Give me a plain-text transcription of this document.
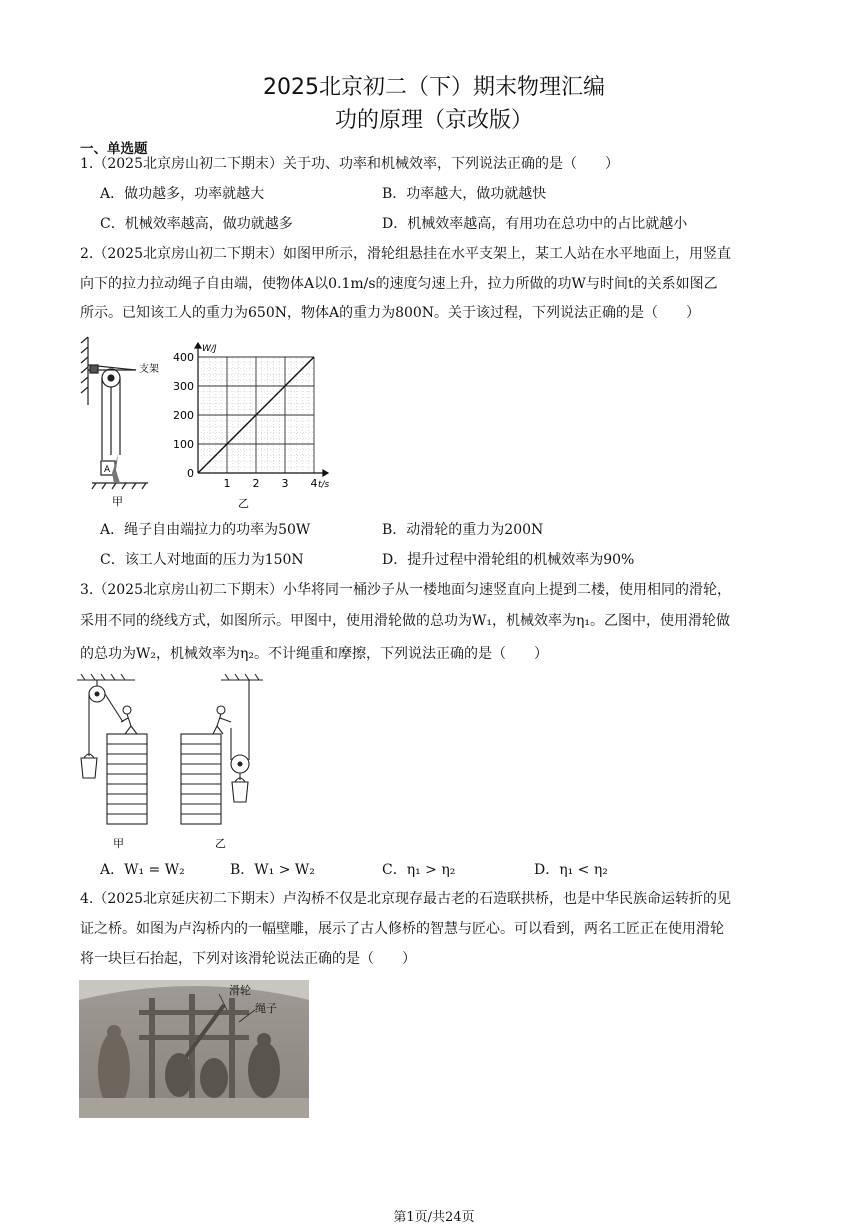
2025北京初二（下）期末物理汇编
功的原理（京改版）
一、单选题
1.（2025北京房山初二下期末）关于功、功率和机械效率，下列说法正确的是（　　）
A．做功越多，功率就越大	B．功率越大，做功就越快
C．机械效率越高，做功就越多	D．机械效率越高，有用功在总功中的占比就越小
2.（2025北京房山初二下期末）如图甲所示，滑轮组悬挂在水平支架上，某工人站在水平地面上，用竖直
向下的拉力拉动绳子自由端，使物体A以0.1m/s的速度匀速上升，拉力所做的功W与时间t的关系如图乙
所示。已知该工人的重力为650N，物体A的重力为800N。关于该过程，下列说法正确的是（　　）
支架
A
甲
0
100
200
300
400
1 2 3 4
W/J
t/s
乙
A．绳子自由端拉力的功率为50W	B．动滑轮的重力为200N
C．该工人对地面的压力为150N	D．提升过程中滑轮组的机械效率为90%
3.（2025北京房山初二下期末）小华将同一桶沙子从一楼地面匀速竖直向上提到二楼，使用相同的滑轮，
采用不同的绕线方式，如图所示。甲图中，使用滑轮做的总功为W₁，机械效率为η₁。乙图中，使用滑轮做
的总功为W₂，机械效率为η₂。不计绳重和摩擦，下列说法正确的是（　　）
甲	乙
A．W₁ = W₂	B．W₁ > W₂	C．η₁ > η₂	D．η₁ < η₂
4.（2025北京延庆初二下期末）卢沟桥不仅是北京现存最古老的石造联拱桥，也是中华民族命运转折的见
证之桥。如图为卢沟桥内的一幅壁雕，展示了古人修桥的智慧与匠心。可以看到，两名工匠正在使用滑轮
将一块巨石抬起，下列对该滑轮说法正确的是（　　）
滑轮
绳子
第1页/共24页
